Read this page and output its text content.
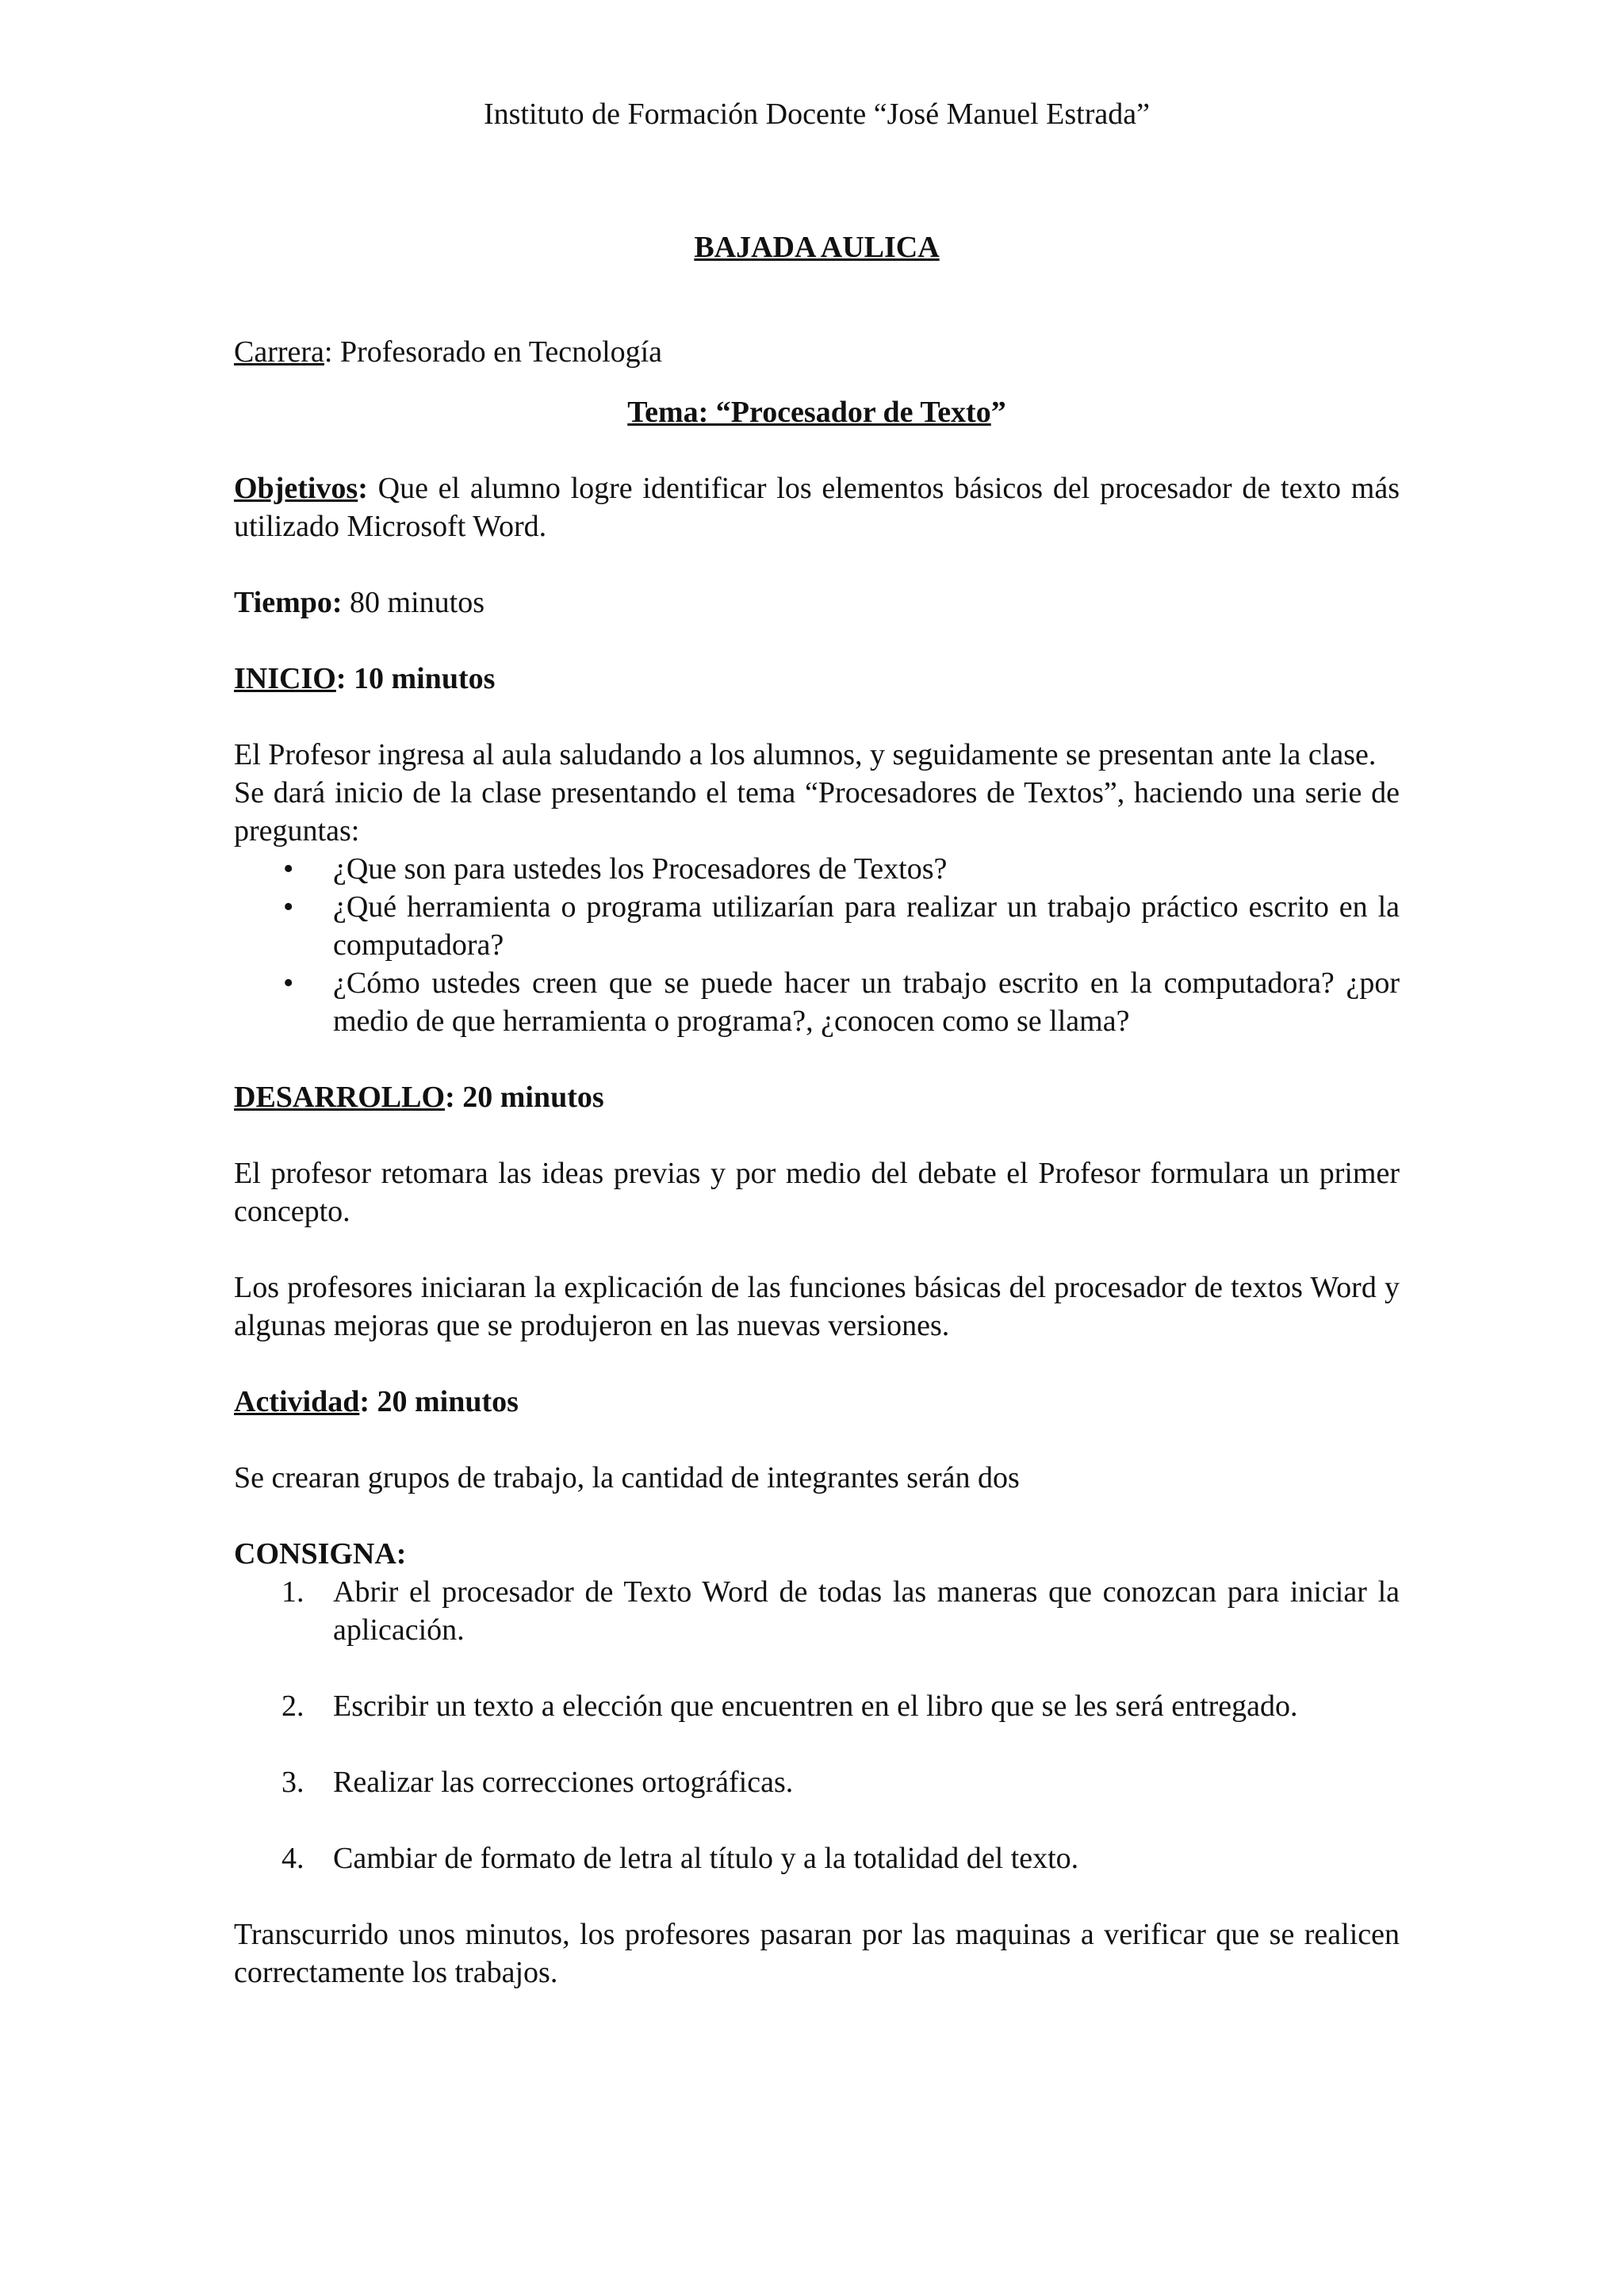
Instituto de Formación Docente “José Manuel Estrada”

BAJADA AULICA

Carrera: Profesorado en Tecnología

Tema: “Procesador de Texto”

Objetivos: Que el alumno logre identificar los elementos básicos del procesador de texto más utilizado Microsoft Word.

Tiempo: 80 minutos

INICIO: 10 minutos

El Profesor ingresa al aula saludando a los alumnos, y seguidamente se presentan ante la clase.

Se dará inicio de la clase presentando el tema “Procesadores de Textos”, haciendo una serie de preguntas:

•	¿Que son para ustedes los Procesadores de Textos?
•	¿Qué herramienta o programa utilizarían para realizar un trabajo práctico escrito en la computadora?
•	¿Cómo ustedes creen que se puede hacer un trabajo escrito en la computadora? ¿por medio de que herramienta o programa?, ¿conocen como se llama?

DESARROLLO: 20 minutos

El profesor retomara las ideas previas y por medio del debate el Profesor formulara un primer concepto.

Los profesores iniciaran la explicación de las funciones básicas del procesador de textos Word y algunas mejoras que se produjeron en las nuevas versiones.

Actividad: 20 minutos

Se crearan grupos de trabajo, la cantidad de integrantes serán dos

CONSIGNA:

1. Abrir el procesador de Texto Word de todas las maneras que conozcan para iniciar la aplicación.
2. Escribir un texto a elección que encuentren en el libro que se les será entregado.
3. Realizar las correcciones ortográficas.
4. Cambiar de formato de letra al título y a la totalidad del texto.

Transcurrido unos minutos, los profesores pasaran por las maquinas a verificar que se realicen correctamente los trabajos.
